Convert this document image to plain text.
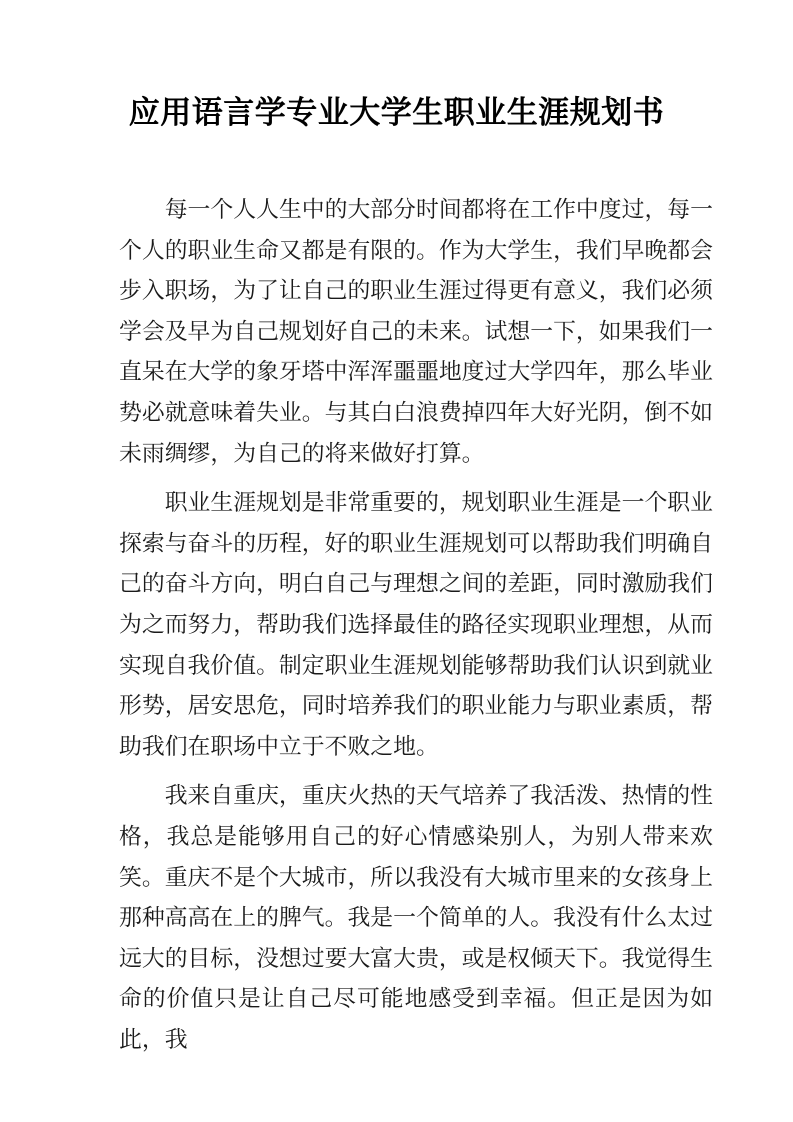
应用语言学专业大学生职业生涯规划书

每一个人人生中的大部分时间都将在工作中度过，每一个人的职业生命又都是有限的。作为大学生，我们早晚都会步入职场，为了让自己的职业生涯过得更有意义，我们必须学会及早为自己规划好自己的未来。试想一下，如果我们一直呆在大学的象牙塔中浑浑噩噩地度过大学四年，那么毕业势必就意味着失业。与其白白浪费掉四年大好光阴，倒不如未雨绸缪，为自己的将来做好打算。

职业生涯规划是非常重要的，规划职业生涯是一个职业探索与奋斗的历程，好的职业生涯规划可以帮助我们明确自己的奋斗方向，明白自己与理想之间的差距，同时激励我们为之而努力，帮助我们选择最佳的路径实现职业理想，从而实现自我价值。制定职业生涯规划能够帮助我们认识到就业形势，居安思危，同时培养我们的职业能力与职业素质，帮助我们在职场中立于不败之地。

我来自重庆，重庆火热的天气培养了我活泼、热情的性格，我总是能够用自己的好心情感染别人，为别人带来欢笑。重庆不是个大城市，所以我没有大城市里来的女孩身上那种高高在上的脾气。我是一个简单的人。我没有什么太过远大的目标，没想过要大富大贵，或是权倾天下。我觉得生命的价值只是让自己尽可能地感受到幸福。但正是因为如此，我
